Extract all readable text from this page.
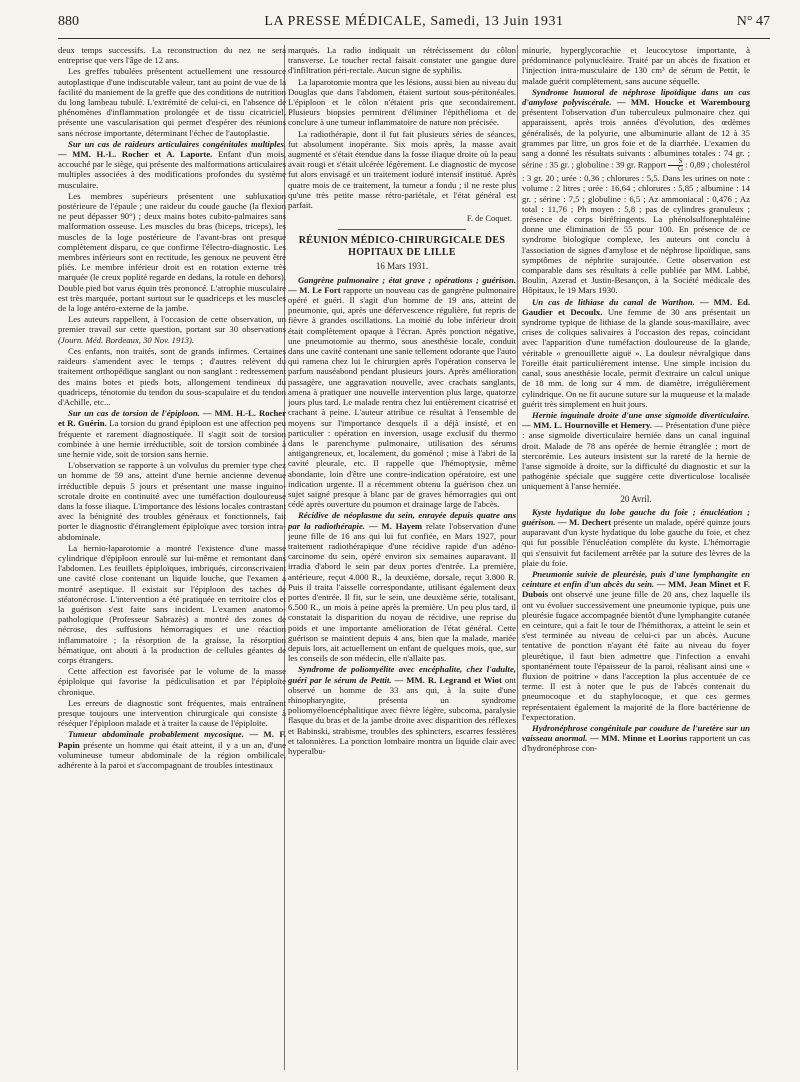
880	LA PRESSE MÉDICALE, Samedi, 13 Juin 1931	N° 47

deux temps successifs. La reconstruction du nez ne sera entreprise que vers l'âge de 12 ans.

Les greffes tubulées présentent actuellement une ressource autoplastique d'une indiscutable valeur, tant au point de vue de la facilité du maniement de la greffe que des conditions de nutrition du long lambeau tubulé. L'extrémité de celui-ci, en l'absence de phénomènes d'inflammation prolongée et de tissu cicatriciel, présente une vascularisation qui permet d'espérer des réunions sans nécrose importante, déterminant l'échec de l'autoplastie.

Sur un cas de raideurs articulaires congénitales multiples. — MM. H.-L. Rocher et A. Laporte. Enfant d'un mois, accouché par le siège, qui présente des malformations articulaires multiples associées à des modifications profondes du système musculaire.

Les membres supérieurs présentent une subluxation postérieure de l'épaule ; une raideur du coude gauche (la flexion ne peut dépasser 90°) ; deux mains botes cubito-palmaires sans malformation osseuse. Les muscles du bras (biceps, triceps), les muscles de la loge postérieure de l'avant-bras ont presque complètement disparu, ce que confirme l'électro-diagnostic. Les membres inférieurs sont en rectitude, les genoux ne peuvent être pliés. Le membre inférieur droit est en rotation externe très marquée (le creux poplité regarde en dedans, la rotule en dehors). Double pied bot varus équin très prononcé. L'atrophie musculaire est très marquée, portant surtout sur le quadriceps et les muscles de la loge antéro-externe de la jambe.

Les auteurs rappellent, à l'occasion de cette observation, un premier travail sur cette question, portant sur 30 observations (Journ. Méd. Bordeaux, 30 Nov. 1913).

Ces enfants, non traités, sont de grands infirmes. Certaines raideurs s'amendent avec le temps ; d'autres relèvent du traitement orthopédique sanglant ou non sanglant : redressement des mains botes et pieds bots, allongement tendineux du quadriceps, ténotomie du tendon du sous-scapulaire et du tendon d'Achille, etc...

Sur un cas de torsion de l'épiploon. — MM. H.-L. Rocher et R. Guérin. La torsion du grand épiploon est une affection peu fréquente et rarement diagnostiquée. Il s'agit soit de torsion combinée à une hernie irréductible, soit de torsion combinée à une hernie vide, soit de torsion sans hernie.

L'observation se rapporte à un volvulus du premier type chez un homme de 59 ans, atteint d'une hernie ancienne devenue irréductible depuis 5 jours et présentant une masse inguino-scrotale droite en continuité avec une tuméfaction douloureuse dans la fosse iliaque. L'importance des lésions locales contrastant avec la bénignité des troubles généraux et fonctionnels, fait porter le diagnostic d'étranglement épiploïque avec torsion intra-abdominale.

La hernio-laparotomie a montré l'existence d'une masse cylindrique d'épiploon enroulé sur lui-même et remontant dans l'abdomen. Les feuillets épiploïques, imbriqués, circonscrivaient une cavité close contenant un liquide louche, que l'examen a montré aseptique. Il existait sur l'épiploon des taches de stéatonécrose. L'intervention a été pratiquée en territoire clos et la guérison s'est faite sans incident. L'examen anatomo-pathologique (Professeur Sabrazès) a montré des zones de nécrose, des suffusions hémorragiques et une réaction inflammatoire ; la résorption de la graisse, la résorption hématique, ont abouti à la production de cellules géantes de corps étrangers.

Cette affection est favorisée par le volume de la masse épiploïque qui favorise la pédiculisation et par l'épiploïte chronique.

Les erreurs de diagnostic sont fréquentes, mais entraînent presque toujours une intervention chirurgicale qui consiste à réséquer l'épiploon malade et à traiter la cause de l'épiploïte.

Tumeur abdominale probablement mycosique. — M. F. Papin présente un homme qui était atteint, il y a un an, d'une volumineuse tumeur abdominale de la région ombilicale, adhérente à la paroi et s'accompagnant de troubles intestinaux

marqués. La radio indiquait un rétrécissement du côlon transverse. Le toucher rectal faisait constater une gangue dure d'infiltration péri-rectale. Aucun signe de syphilis.

La laparotomie montra que les lésions, aussi bien au niveau du Douglas que dans l'abdomen, étaient surtout sous-péritonéales. L'épiploon et le côlon n'étaient pris que secondairement. Plusieurs biopsies permirent d'éliminer l'épithélioma et de conclure à une tumeur inflammatoire de nature non précisée.

La radiothérapie, dont il fut fait plusieurs séries de séances, fut absolument inopérante. Six mois après, la masse avait augmenté et s'était étendue dans la fosse iliaque droite où la peau avait rougi et s'était ulcérée légèrement. Le diagnostic de mycose fut alors envisagé et un traitement ioduré intensif institué. Après quatre mois de ce traitement, la tumeur a fondu ; il ne reste plus qu'une très petite masse rétro-pariétale, et l'état général est parfait.

F. de Coquet.
RÉUNION MÉDICO-CHIRURGICALE DES HOPITAUX DE LILLE
16 Mars 1931.

Gangrène pulmonaire ; état grave ; opérations ; guérison. — M. Le Fort rapporte un nouveau cas de gangrène pulmonaire opéré et guéri. Il s'agit d'un homme de 19 ans, atteint de pneumonie, qui, après une défervescence régulière, fut repris de fièvre à grandes oscillations. La moitié du lobe inférieur droit était complètement opaque à l'écran. Après ponction négative, une pneumotomie au thermo, sous anesthésie locale, conduit dans une cavité contenant une sanie tellement odorante que l'auto qui ramena chez lui le chirurgien après l'opération conserva le parfum nauséabond pendant plusieurs jours. Après amélioration passagère, une aggravation nouvelle, avec crachats sanglants, amena à pratiquer une nouvelle intervention plus large, quatorze jours plus tard. Le malade rentra chez lui entièrement cicatrisé et crachant à peine. L'auteur attribue ce résultat à l'ensemble de moyens sur l'importance desquels il a déjà insisté, et en particulier : opération en inversion, usage exclusif du thermo dans le parenchyme pulmonaire, utilisation des sérums antigangreneux, et, localement, du goménol ; mise à l'abri de la cavité pleurale, etc. Il rappelle que l'hémoptysie, même abondante, loin d'être une contre-indication opératoire, est une indication urgente. Il a récemment obtenu la guérison chez un sujet saigné presque à blanc par de graves hémorragies qui ont cédé après ouverture du poumon et drainage large de l'abcès.

Récidive de néoplasme du sein, enrayée depuis quatre ans par la radiothérapie. — M. Hayem relate l'observation d'une jeune fille de 16 ans qui lui fut confiée, en Mars 1927, pour traitement radiothérapique d'une récidive rapide d'un adéno-carcinome du sein, opéré environ six semaines auparavant. Il irradia d'abord le sein par deux portes d'entrée. La première, antérieure, reçut 4.000 R., la deuxième, dorsale, reçut 3.800 R. Puis il traita l'aisselle correspondante, utilisant également deux portes d'entrée. Il fit, sur le sein, une deuxième série, totalisant, 6.500 R., un mois à peine après la première. Un peu plus tard, il constatait la disparition du noyau de récidive, une reprise du poids et une importante amélioration de l'état général. Cette guérison se maintient depuis 4 ans, bien que la malade, mariée depuis lors, ait actuellement un enfant de quelques mois, que, sur les conseils de son médecin, elle n'allaite pas.

Syndrome de poliomyélite avec encéphalite, chez l'adulte, guéri par le sérum de Pettit. — MM. R. Legrand et Wiot ont observé un homme de 33 ans qui, à la suite d'une rhinopharyngite, présenta un syndrome poliomyéloencéphalitique avec fièvre légère, subcoma, paralysie flasque du bras et de la jambe droite avec disparition des réflexes et Babinski, strabisme, troubles des sphincters, escarres fessières et talonnières. La ponction lombaire montra un liquide clair avec hyperalbu-

minurie, hyperglycorachie et leucocytose importante, à prédominance polynucléaire. Traité par un abcès de fixation et l'injection intra-musculaire de 130 cm³ de sérum de Pettit, le malade guérit complètement, sans aucune séquelle.

Syndrome humoral de néphrose lipoïdique dans un cas d'amylose polyviscérale. — MM. Houcke et Warembourg présentent l'observation d'un tuberculeux pulmonaire chez qui apparaissent, après trois années d'évolution, des œdèmes généralisés, de la polyurie, une albuminurie allant de 12 à 35 grammes par litre, un gros foie et de la diarrhée. L'examen du sang a donné les résultats suivants : albumines totales : 74 gr. ; sérine : 35 gr. ; globuline : 39 gr. Rapport $\frac{S}{G}$ : 0,89 ; cholestérol : 3 gr. 20 ; urée : 0,36 ; chlorures : 5,5. Dans les urines on note : volume : 2 litres ; urée : 16,64 ; chlorures : 5,85 ; albumine : 14 gr. ; sérine : 7,5 ; globuline : 6,5 ; Az ammoniacal : 0,476 ; Az total : 11,76 ; Ph moyen : 5,8 ; pas de cylindres granuleux ; présence de corps biréfringents. La phénolsulfonephtaléine donne une élimination de 55 pour 100. En présence de ce syndrome biologique complexe, les auteurs ont conclu à l'association de signes d'amylose et de néphrose lipoïdique, sans symptômes de néphrite surajoutée. Cette observation est comparable dans ses résultats à celle publiée par MM. Labbé, Boulin, Azerad et Justin-Besançon, à la Société médicale des Hôpitaux, le 19 Mars 1930.

Un cas de lithiase du canal de Warthon. — MM. Ed. Gaudier et Decoulx. Une femme de 30 ans présentait un syndrome typique de lithiase de la glande sous-maxillaire, avec crises de coliques salivaires à l'occasion des repas, coïncidant avec l'apparition d'une tuméfaction douloureuse de la glande, véritable « grenouillette aiguë ». La douleur névralgique dans l'oreille était particulièrement intense. Une simple incision du canal, sous anesthésie locale, permit d'extraire un calcul unique de 18 mm. de long sur 4 mm. de diamètre, irrégulièrement cylindrique. On ne fit aucune suture sur la muqueuse et la malade guérit très simplement en huit jours.

Hernie inguinale droite d'une anse sigmoïde diverticulaire. — MM. L. Hournoville et Hemery. — Présentation d'une pièce : anse sigmoïde diverticulaire herniée dans un canal inguinal droit. Malade de 78 ans opérée de hernie étranglée ; mort de stercorémie. Les auteurs insistent sur la rareté de la hernie de l'anse sigmoïde à droite, sur la difficulté du diagnostic et sur la pathogénie spéciale que suggère cette diverticulose localisée uniquement à l'anse herniée.

20 Avril.

Kyste hydatique du lobe gauche du foie ; énucléation ; guérison. — M. Dechert présente un malade, opéré quinze jours auparavant d'un kyste hydatique du lobe gauche du foie, et chez qui fut possible l'énucléation complète du kyste. L'hémorragie qui s'ensuivit fut facilement arrêtée par la suture des lèvres de la plaie du foie.

Pneumonie suivie de pleurésie, puis d'une lymphangite en ceinture et enfin d'un abcès du sein. — MM. Jean Minet et F. Dubois ont observé une jeune fille de 20 ans, chez laquelle ils ont vu évoluer successivement une pneumonie typique, puis une pleurésie fugace accompagnée bientôt d'une lymphangite cutanée en ceinture, qui a fait le tour de l'hémithorax, a atteint le sein et s'est terminée au niveau de celui-ci par un abcès. Aucune tentative de ponction n'ayant été faite au niveau du foyer pleurétique, il faut bien admettre que l'infection a envahi spontanément toute l'épaisseur de la paroi, réalisant ainsi une « fluxion de poitrine » dans l'acception la plus accentuée de ce terme. Il est à noter que le pus de l'abcès contenait du pneumocoque et du staphylocoque, et que ces germes représentaient également la majorité de la flore bactérienne de l'expectoration.

Hydronéphrose congénitale par coudure de l'uretère sur un vaisseau anormal. — MM. Minne et Loorius rapportent un cas d'hydronéphrose con-
